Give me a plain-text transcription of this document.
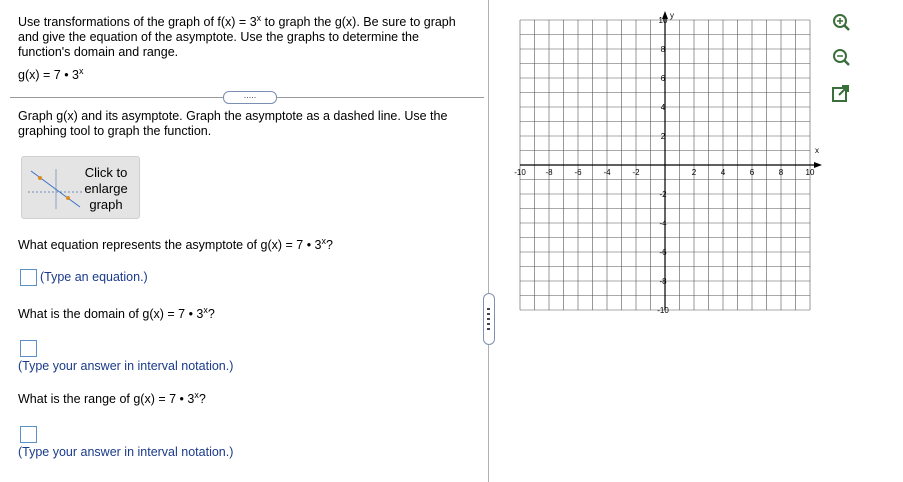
Use transformations of the graph of $f(x) = 3^x$ to graph the g(x). Be sure to graph
and give the equation of the asymptote. Use the graphs to determine the
function's domain and range.
g(x) = 7 • 3$^x$
.....
Graph g(x) and its asymptote. Graph the asymptote as a dashed line. Use the
graphing tool to graph the function.
Click to
enlarge
graph
What equation represents the asymptote of g(x) = 7 • 3$^x$?
(Type an equation.)
What is the domain of g(x) = 7 • 3$^x$?
(Type your answer in interval notation.)
What is the range of g(x) = 7 • 3$^x$?
(Type your answer in interval notation.)
x
y
-10 -8	-6	-4	-2	2	4	6	8	10
10
8
6
4
2
-2
-4
-6
-8
-10
